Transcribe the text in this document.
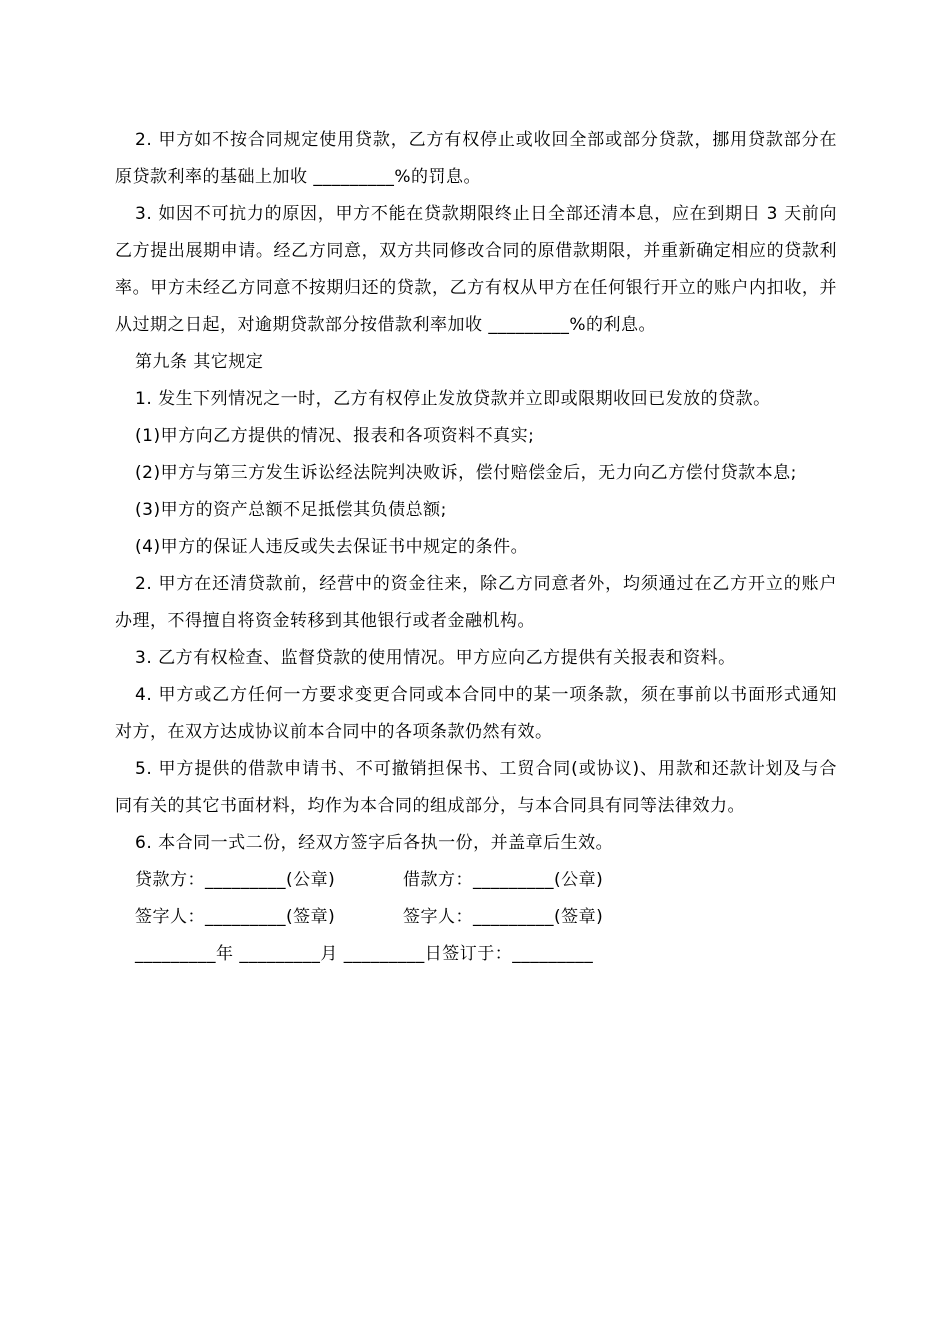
2. 甲方如不按合同规定使用贷款，乙方有权停止或收回全部或部分贷款，挪用贷款部分在原贷款利率的基础上加收 _________%的罚息。

3. 如因不可抗力的原因，甲方不能在贷款期限终止日全部还清本息，应在到期日 3 天前向乙方提出展期申请。经乙方同意，双方共同修改合同的原借款期限，并重新确定相应的贷款利率。甲方未经乙方同意不按期归还的贷款，乙方有权从甲方在任何银行开立的账户内扣收，并从过期之日起，对逾期贷款部分按借款利率加收 _________%的利息。

第九条 其它规定

1. 发生下列情况之一时，乙方有权停止发放贷款并立即或限期收回已发放的贷款。

(1)甲方向乙方提供的情况、报表和各项资料不真实;

(2)甲方与第三方发生诉讼经法院判决败诉，偿付赔偿金后，无力向乙方偿付贷款本息;

(3)甲方的资产总额不足抵偿其负债总额;

(4)甲方的保证人违反或失去保证书中规定的条件。

2. 甲方在还清贷款前，经营中的资金往来，除乙方同意者外，均须通过在乙方开立的账户办理，不得擅自将资金转移到其他银行或者金融机构。

3. 乙方有权检查、监督贷款的使用情况。甲方应向乙方提供有关报表和资料。

4. 甲方或乙方任何一方要求变更合同或本合同中的某一项条款，须在事前以书面形式通知对方，在双方达成协议前本合同中的各项条款仍然有效。

5. 甲方提供的借款申请书、不可撤销担保书、工贸合同(或协议)、用款和还款计划及与合同有关的其它书面材料，均作为本合同的组成部分，与本合同具有同等法律效力。

6. 本合同一式二份，经双方签字后各执一份，并盖章后生效。

贷款方：_________(公章)	借款方：_________(公章)
签字人：_________(签章)	签字人：_________(签章)
_________年 _________月 _________日签订于：_________
